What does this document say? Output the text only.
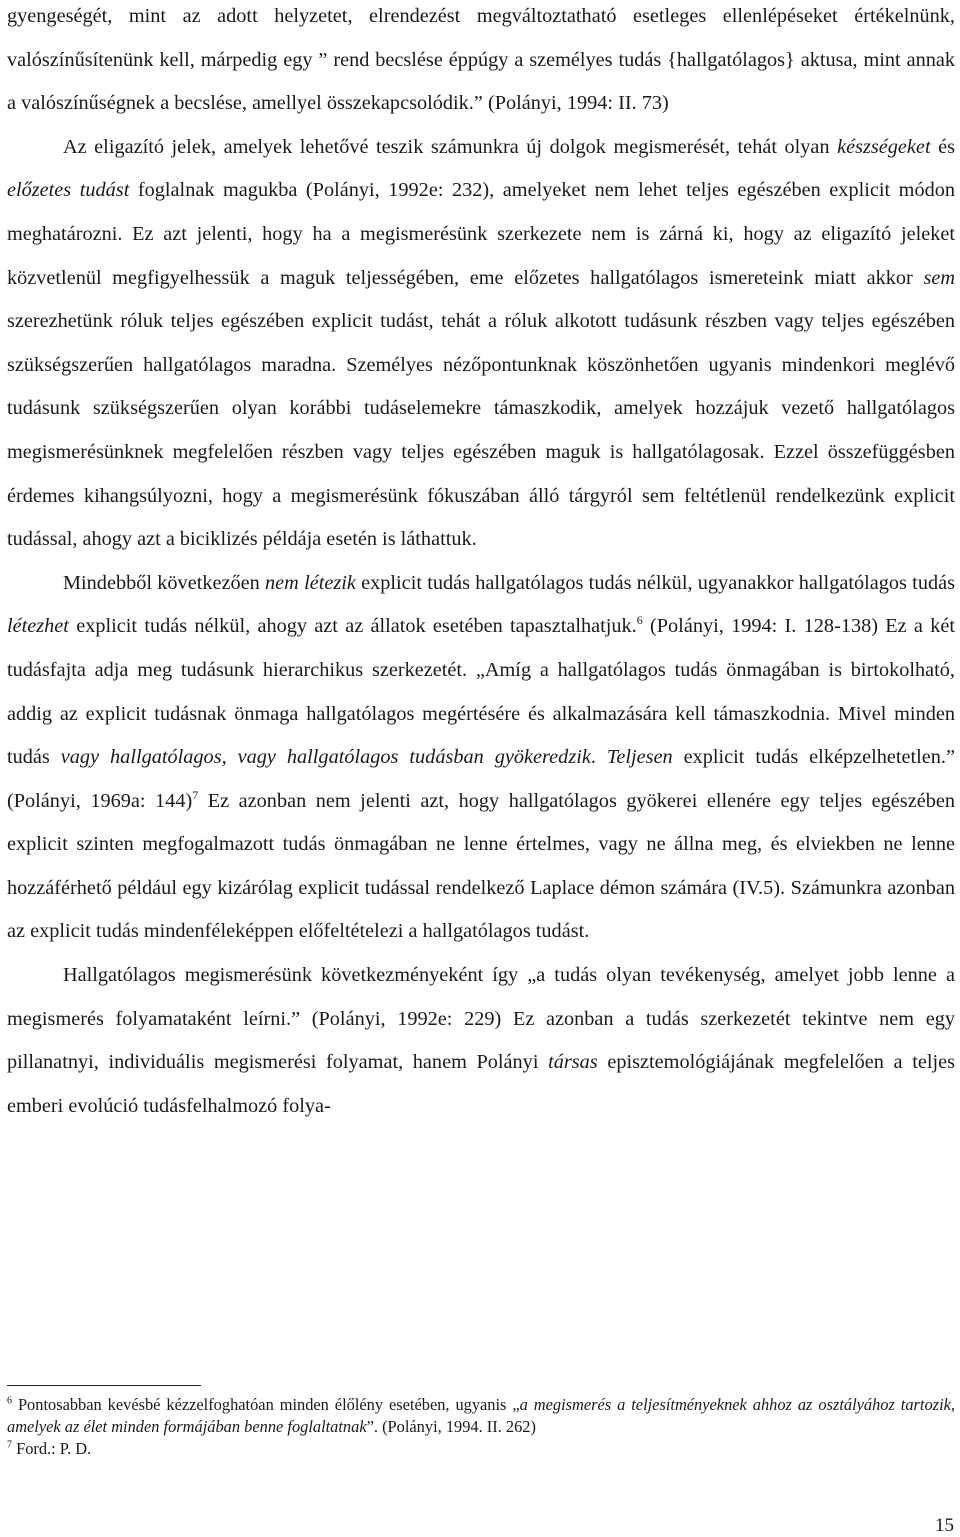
gyengeségét, mint az adott helyzetet, elrendezést megváltoztatható esetleges ellenlépéseket értékelnünk, valószínűsítenünk kell, márpedig egy ” rend becslése éppúgy a személyes tudás {hallgatólagos} aktusa, mint annak a valószínűségnek a becslése, amellyel összekapcsolódik.” (Polányi, 1994: II. 73)

Az eligazító jelek, amelyek lehetővé teszik számunkra új dolgok megismerését, tehát olyan készségeket és előzetes tudást foglalnak magukba (Polányi, 1992e: 232), amelyeket nem lehet teljes egészében explicit módon meghatározni. Ez azt jelenti, hogy ha a megismerésünk szerkezete nem is zárná ki, hogy az eligazító jeleket közvetlenül megfigyelhessük a maguk teljességében, eme előzetes hallgatólagos ismereteink miatt akkor sem szerezhetünk róluk teljes egészében explicit tudást, tehát a róluk alkotott tudásunk részben vagy teljes egészében szükségszerűen hallgatólagos maradna. Személyes nézőpontunknak köszönhetően ugyanis mindenkori meglévő tudásunk szükségszerűen olyan korábbi tudáselemekre támaszkodik, amelyek hozzájuk vezető hallgatólagos megismerésünknek megfelelően részben vagy teljes egészében maguk is hallgatólagosak. Ezzel összefüggésben érdemes kihangsúlyozni, hogy a megismerésünk fókuszában álló tárgyról sem feltétlenül rendelkezünk explicit tudással, ahogy azt a biciklizés példája esetén is láthattuk.

Mindebből következően nem létezik explicit tudás hallgatólagos tudás nélkül, ugyanakkor hallgatólagos tudás létezhet explicit tudás nélkül, ahogy azt az állatok esetében tapasztalhatjuk.$^6$ (Polányi, 1994: I. 128-138) Ez a két tudásfajta adja meg tudásunk hierarchikus szerkezetét. „Amíg a hallgatólagos tudás önmagában is birtokolható, addig az explicit tudásnak önmaga hallgatólagos megértésére és alkalmazására kell támaszkodnia. Mivel minden tudás vagy hallgatólagos, vagy hallgatólagos tudásban gyökeredzik. Teljesen explicit tudás elképzelhetetlen.” (Polányi, 1969a: 144)$^7$ Ez azonban nem jelenti azt, hogy hallgatólagos gyökerei ellenére egy teljes egészében explicit szinten megfogalmazott tudás önmagában ne lenne értelmes, vagy ne állna meg, és elviekben ne lenne hozzáférhető például egy kizárólag explicit tudással rendelkező Laplace démon számára (IV.5). Számunkra azonban az explicit tudás mindenféleképpen előfeltételezi a hallgatólagos tudást.

Hallgatólagos megismerésünk következményeként így „a tudás olyan tevékenység, amelyet jobb lenne a megismerés folyamataként leírni.” (Polányi, 1992e: 229) Ez azonban a tudás szerkezetét tekintve nem egy pillanatnyi, individuális megismerési folyamat, hanem Polányi társas episztemológiájának megfelelően a teljes emberi evolúció tudásfelhalmozó folya-

$^6$ Pontosabban kevésbé kézzelfoghatóan minden élőlény esetében, ugyanis „a megismerés a teljesítményeknek ahhoz az osztályához tartozik, amelyek az élet minden formájában benne foglaltatnak”. (Polányi, 1994. II. 262)

$^7$ Ford.: P. D.

15
